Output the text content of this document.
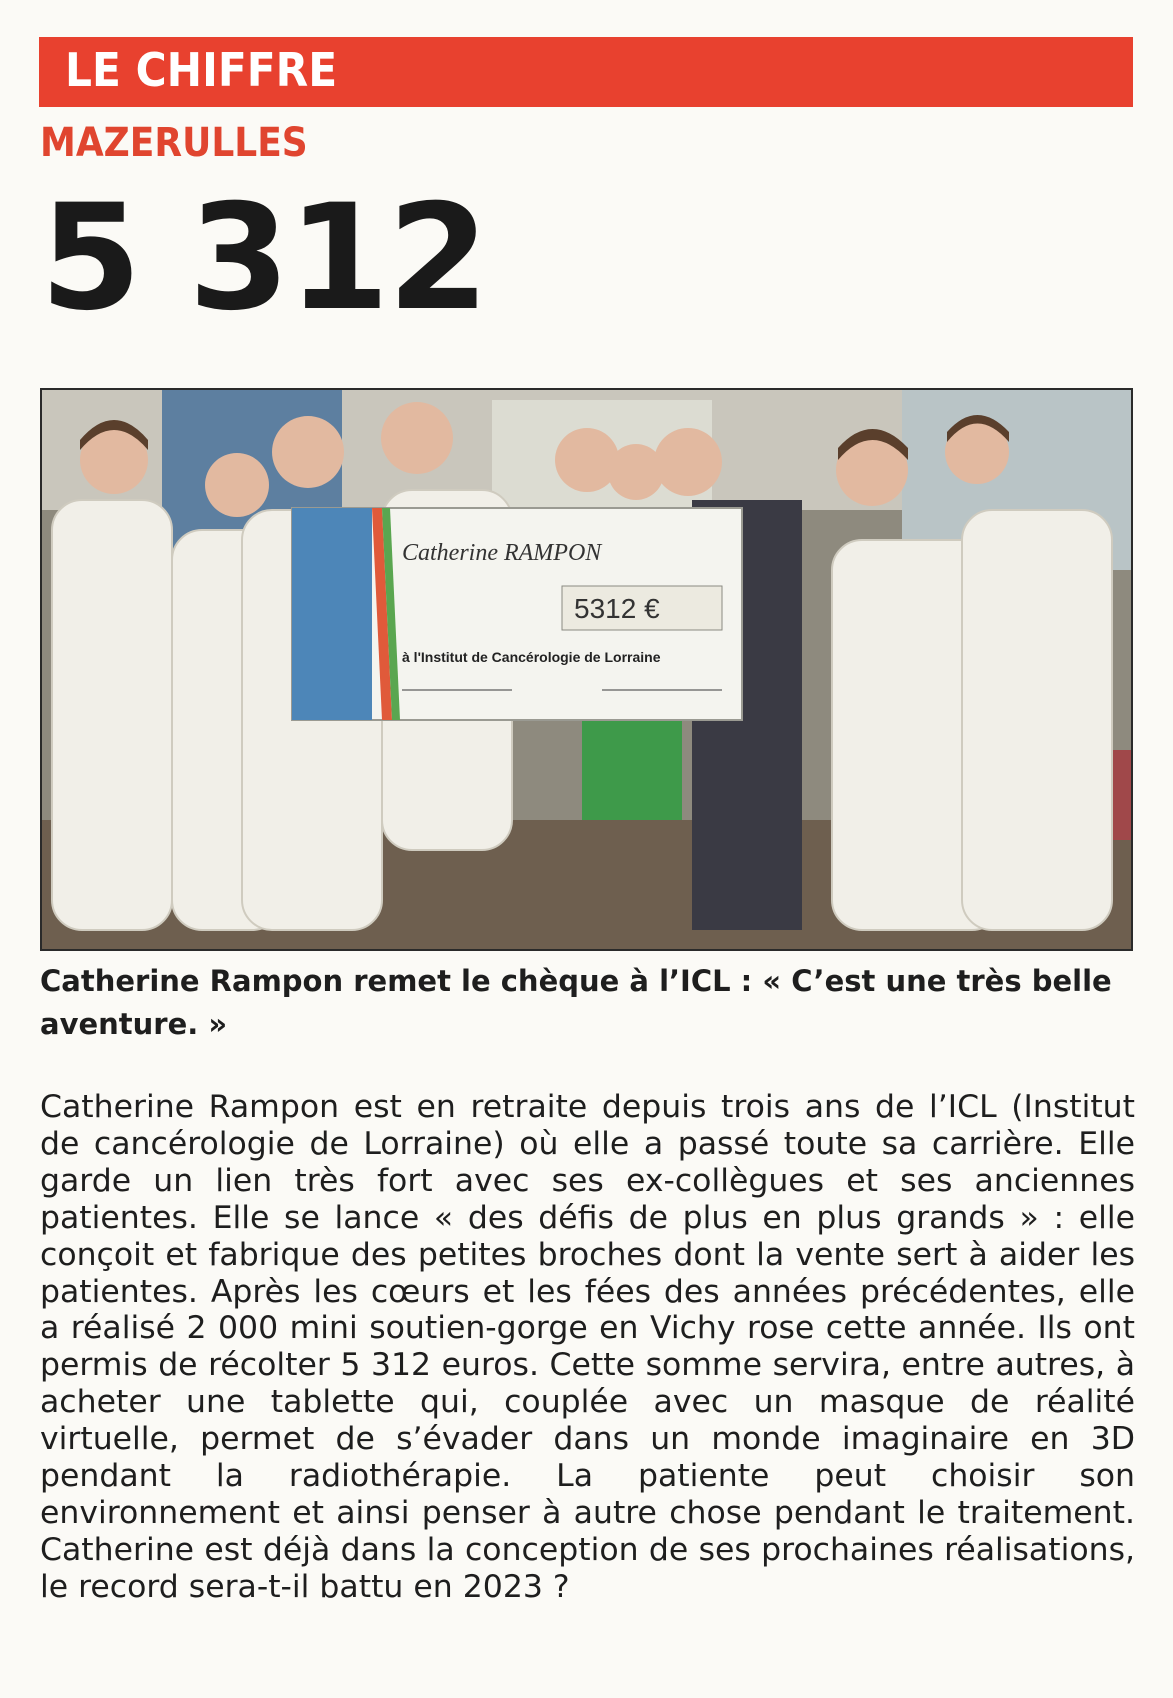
LE CHIFFRE
MAZERULLES
5 312
Catherine RAMPON
5312 €
à l'Institut de Cancérologie de Lorraine
Catherine Rampon remet le chèque à l’ICL : « C’est une très belle aventure. »
Catherine Rampon est en retraite depuis trois ans de l’ICL (Institut de cancérologie de Lorraine) où elle a passé toute sa carrière. Elle garde un lien très fort avec ses ex-collègues et ses anciennes patientes. Elle se lance « des défis de plus en plus grands » : elle conçoit et fabrique des petites broches dont la vente sert à aider les patientes. Après les cœurs et les fées des années précédentes, elle a réalisé 2 000 mini soutien-gorge en Vichy rose cette année. Ils ont permis de récolter 5 312 euros. Cette somme servira, entre autres, à acheter une tablette qui, couplée avec un masque de réalité virtuelle, permet de s’évader dans un monde imaginaire en 3D pendant la radiothérapie. La patiente peut choisir son environnement et ainsi penser à autre chose pendant le traitement. Catherine est déjà dans la conception de ses prochaines réalisations, le record sera-t-il battu en 2023 ?
